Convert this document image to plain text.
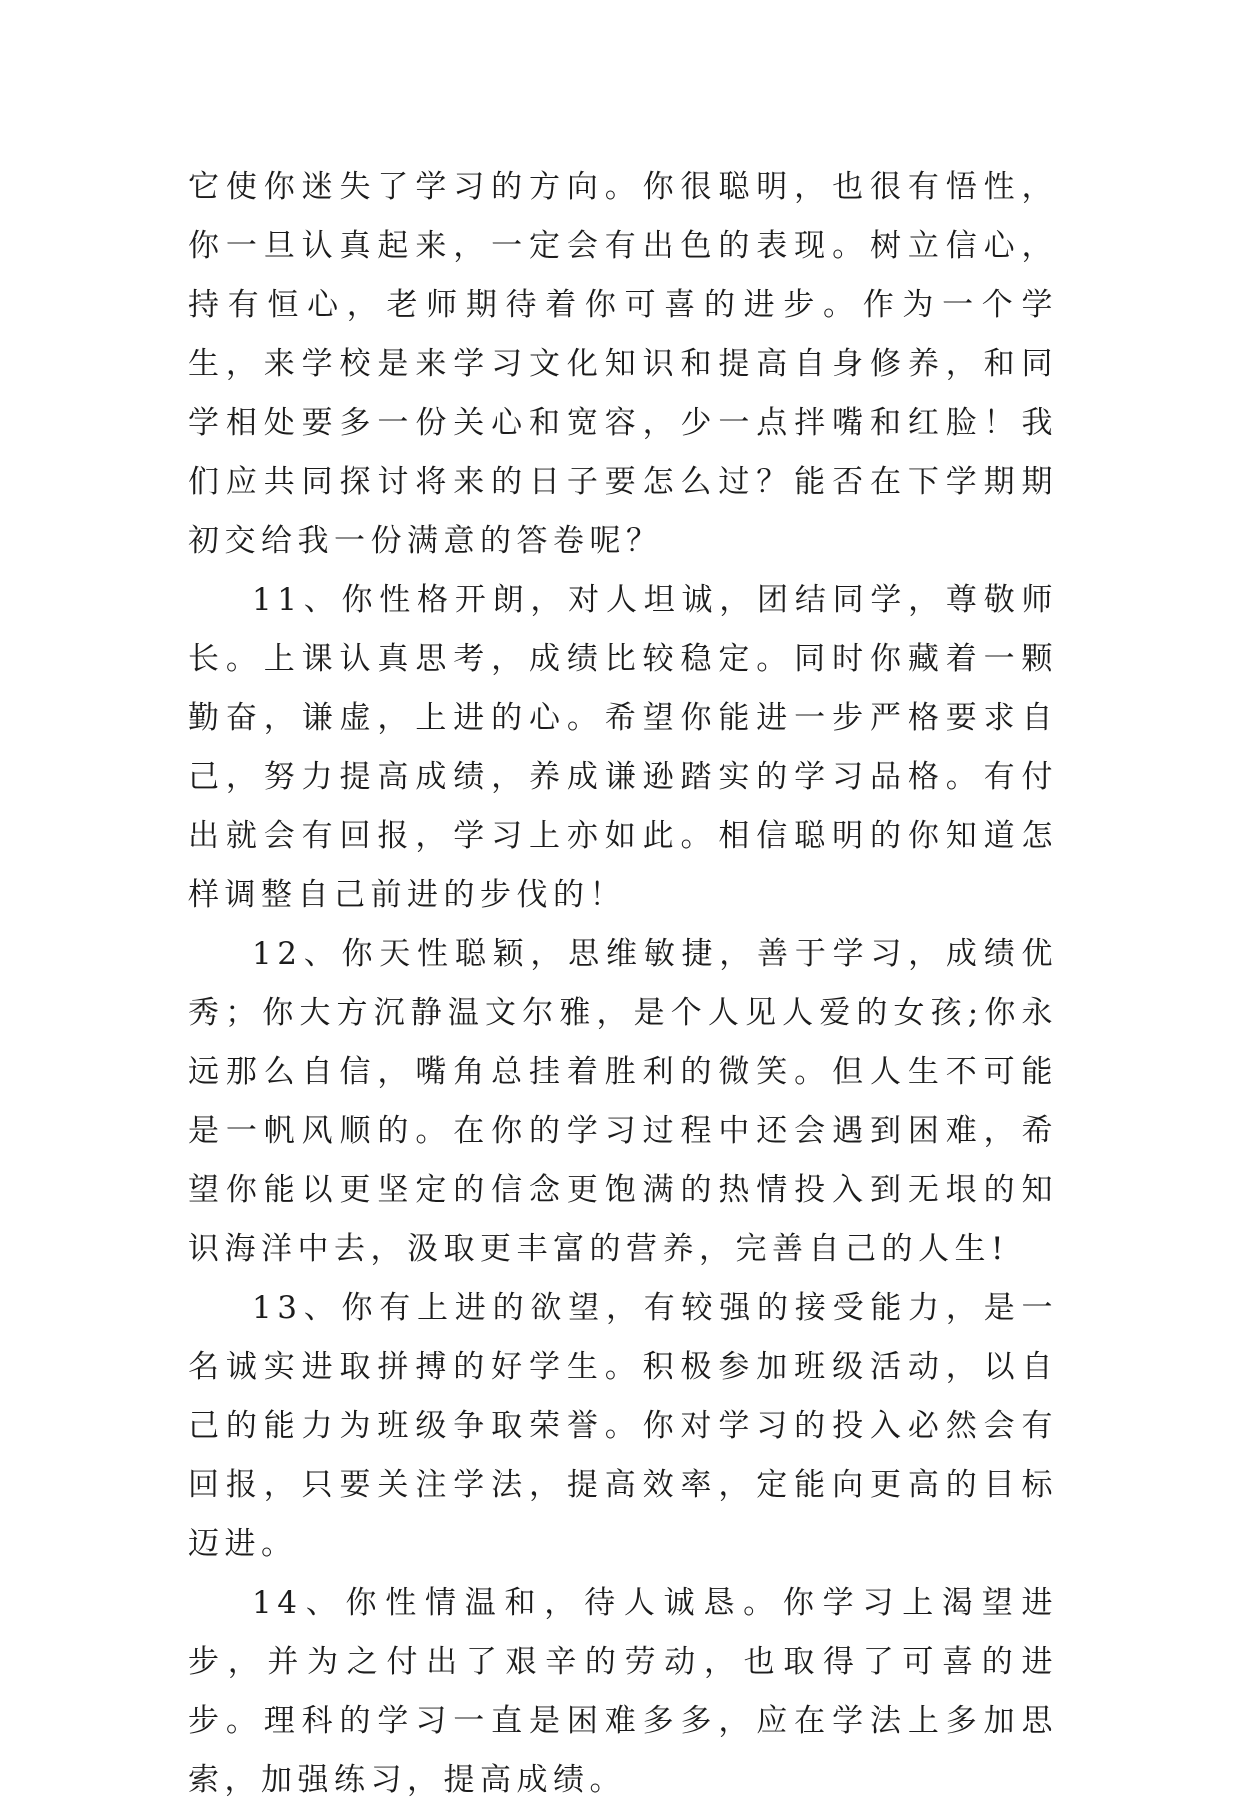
它使你迷失了学习的方向。你很聪明，也很有悟性，你一旦认真起来，一定会有出色的表现。树立信心，持有恒心，老师期待着你可喜的进步。作为一个学生，来学校是来学习文化知识和提高自身修养，和同学相处要多一份关心和宽容，少一点拌嘴和红脸！我们应共同探讨将来的日子要怎么过？能否在下学期期初交给我一份满意的答卷呢？

11、你性格开朗，对人坦诚，团结同学，尊敬师长。上课认真思考，成绩比较稳定。同时你藏着一颗勤奋，谦虚，上进的心。希望你能进一步严格要求自己，努力提高成绩，养成谦逊踏实的学习品格。有付出就会有回报，学习上亦如此。相信聪明的你知道怎样调整自己前进的步伐的！

12、你天性聪颖，思维敏捷，善于学习，成绩优秀；你大方沉静温文尔雅，是个人见人爱的女孩;你永远那么自信，嘴角总挂着胜利的微笑。但人生不可能是一帆风顺的。在你的学习过程中还会遇到困难，希望你能以更坚定的信念更饱满的热情投入到无垠的知识海洋中去，汲取更丰富的营养，完善自己的人生!

13、你有上进的欲望，有较强的接受能力，是一名诚实进取拼搏的好学生。积极参加班级活动，以自己的能力为班级争取荣誉。你对学习的投入必然会有回报，只要关注学法，提高效率，定能向更高的目标迈进。

14、你性情温和，待人诚恳。你学习上渴望进步，并为之付出了艰辛的劳动，也取得了可喜的进步。理科的学习一直是困难多多，应在学法上多加思索，加强练习，提高成绩。
